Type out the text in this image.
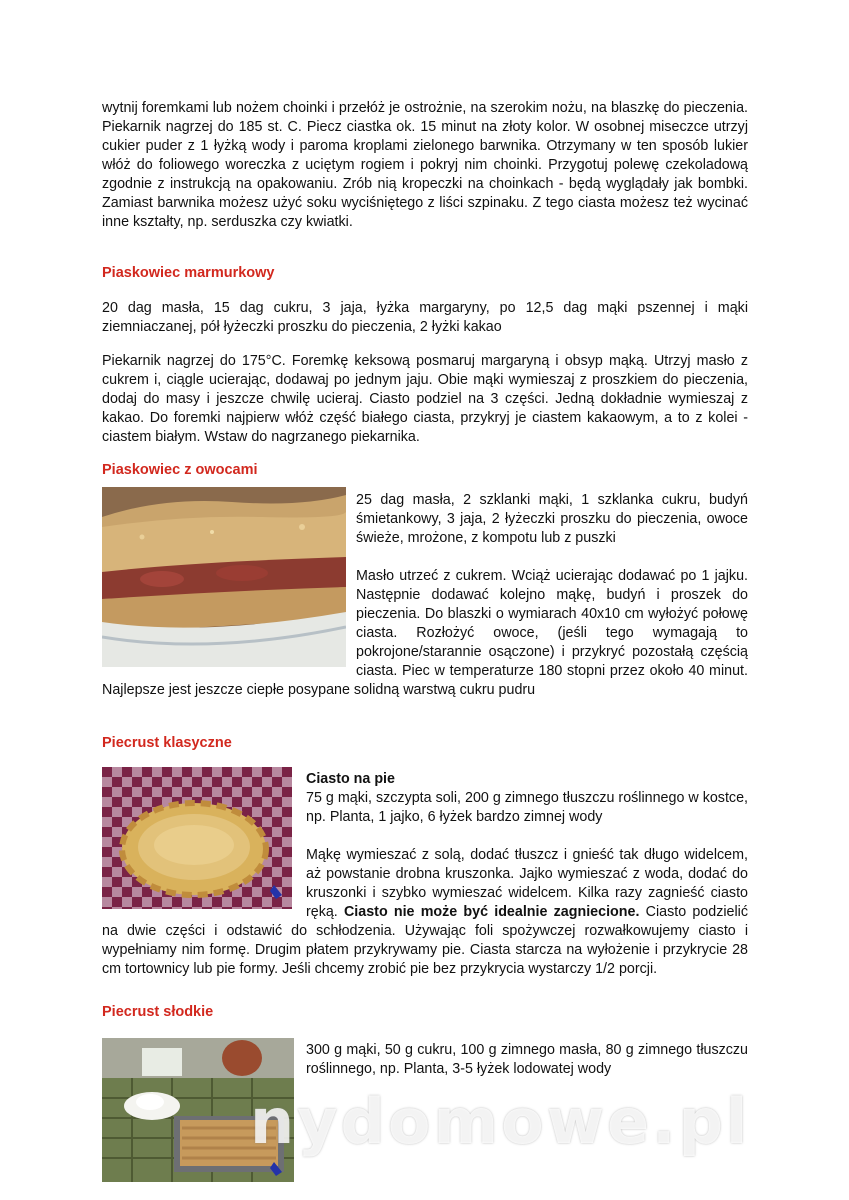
wytnij foremkami lub nożem choinki i przełóż je ostrożnie, na szerokim nożu, na blaszkę do pieczenia. Piekarnik nagrzej do 185 st. C. Piecz ciastka ok. 15 minut na złoty kolor. W osobnej miseczce utrzyj cukier puder z 1 łyżką wody i paroma kroplami zielonego barwnika. Otrzymany w ten sposób lukier włóż do foliowego woreczka z uciętym rogiem i pokryj nim choinki. Przygotuj polewę czekoladową zgodnie z instrukcją na opakowaniu. Zrób nią kropeczki na choinkach - będą wyglądały jak bombki. Zamiast barwnika możesz użyć soku wyciśniętego z liści szpinaku. Z tego ciasta możesz też wycinać inne kształty, np. serduszka czy kwiatki.

Piaskowiec marmurkowy

20 dag masła, 15 dag cukru, 3 jaja, łyżka margaryny, po 12,5 dag mąki pszennej i mąki ziemniaczanej, pół łyżeczki proszku do pieczenia, 2 łyżki kakao

Piekarnik nagrzej do 175°C. Foremkę keksową posmaruj margaryną i obsyp mąką. Utrzyj masło z cukrem i, ciągle ucierając, dodawaj po jednym jaju. Obie mąki wymieszaj z proszkiem do pieczenia, dodaj do masy i jeszcze chwilę ucieraj. Ciasto podziel na 3 części. Jedną dokładnie wymieszaj z kakao. Do foremki najpierw włóż część białego ciasta, przykryj je ciastem kakaowym, a to z kolei - ciastem białym. Wstaw do nagrzanego piekarnika.

Piaskowiec z owocami

25 dag masła, 2 szklanki mąki, 1 szklanka cukru, budyń śmietankowy, 3 jaja, 2 łyżeczki proszku do pieczenia, owoce świeże, mrożone, z kompotu lub z puszki

Masło utrzeć z cukrem. Wciąż ucierając dodawać po 1 jajku. Następnie dodawać kolejno mąkę, budyń i proszek do pieczenia. Do blaszki o wymiarach 40x10 cm wyłożyć połowę ciasta. Rozłożyć owoce, (jeśli tego wymagają to pokrojone/starannie osączone) i przykryć pozostałą częścią ciasta. Piec w temperaturze 180 stopni przez około 40 minut. Najlepsze jest jeszcze ciepłe posypane solidną warstwą cukru pudru

Piecrust klasyczne

Ciasto na pie

75 g mąki, szczypta soli, 200 g zimnego tłuszczu roślinnego w kostce, np. Planta, 1 jajko, 6 łyżek bardzo zimnej wody

Mąkę wymieszać z solą, dodać tłuszcz i gnieść tak długo widelcem, aż powstanie drobna kruszonka. Jajko wymieszać z woda, dodać do kruszonki i szybko wymieszać widelcem. Kilka razy zagnieść ciasto ręką. Ciasto nie może być idealnie zagniecione. Ciasto podzielić na dwie części i odstawić do schłodzenia. Używając foli spożywczej rozwałkowujemy ciasto i wypełniamy nim formę. Drugim płatem przykrywamy pie. Ciasta starcza na wyłożenie i przykrycie 28 cm tortownicy lub pie formy. Jeśli chcemy zrobić pie bez przykrycia wystarczy 1/2 porcji.

Piecrust słodkie

300 g mąki, 50 g cukru, 100 g zimnego masła, 80 g zimnego tłuszczu roślinnego, np. Planta, 3-5 łyżek lodowatej wody

nydomowe.pl
